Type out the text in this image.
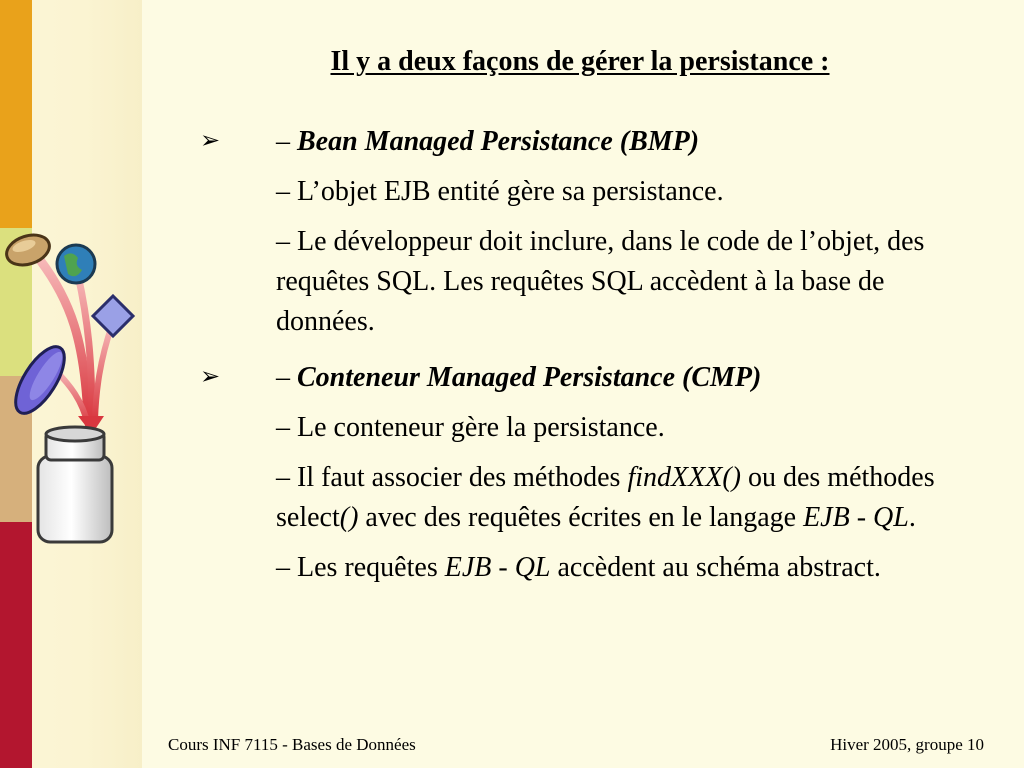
Il y a deux façons de gérer la persistance :
➢ – Bean Managed Persistance (BMP)
– L’objet EJB entité gère sa persistance.
– Le développeur doit inclure, dans le code de l’objet, des requêtes SQL. Les requêtes SQL accèdent à la base de données.
➢ – Conteneur Managed Persistance (CMP)
– Le conteneur gère la persistance.
– Il faut associer des méthodes findXXX() ou des méthodes select() avec des requêtes écrites en le langage EJB - QL.
– Les requêtes EJB - QL accèdent au schéma abstract.
Cours INF 7115 - Bases de Données	Hiver 2005, groupe 10
